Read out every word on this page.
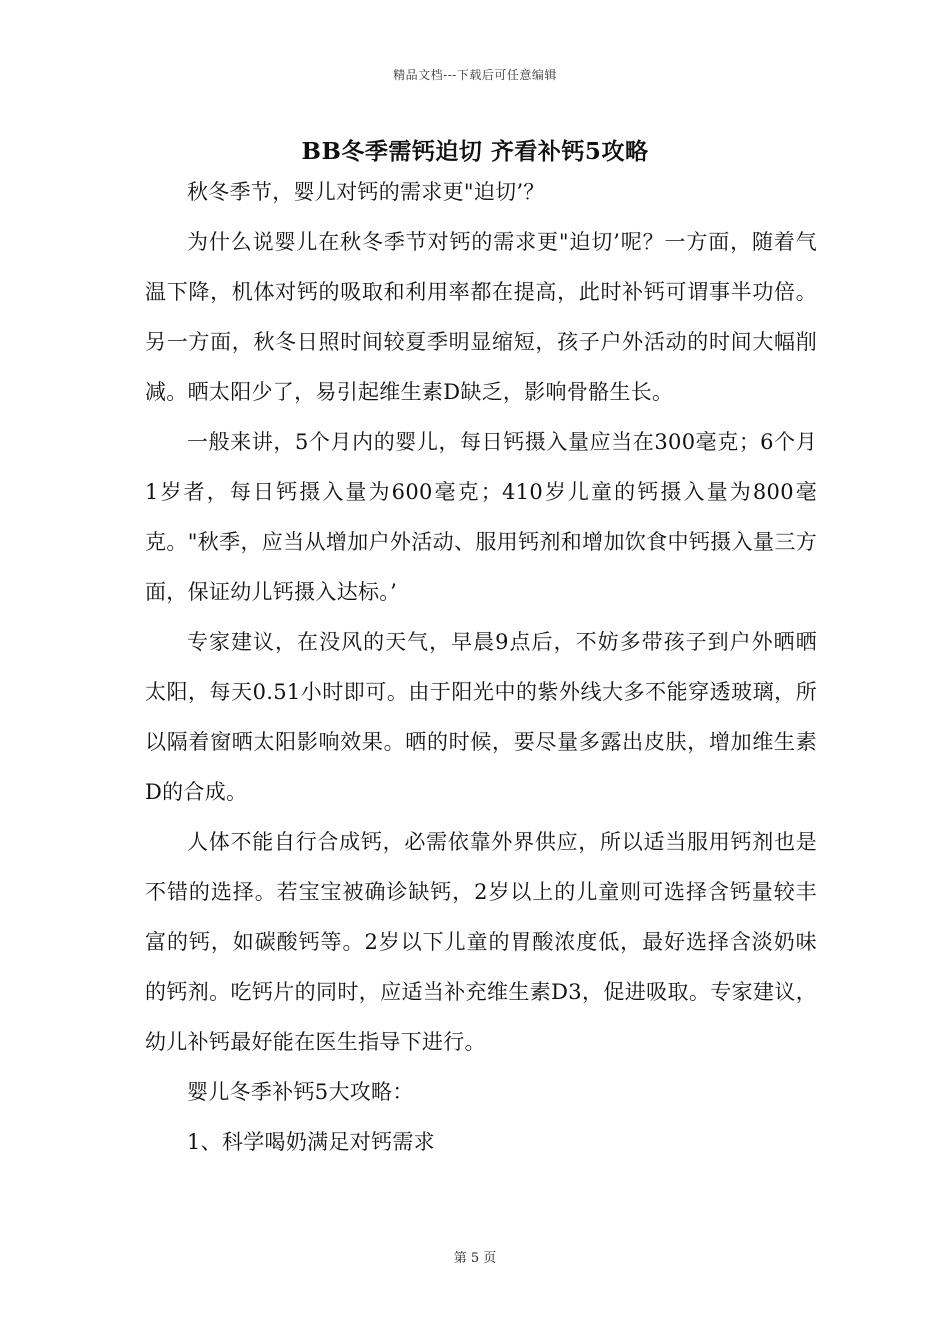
精品文档---下载后可任意编辑
BB冬季需钙迫切 齐看补钙5攻略

秋冬季节，婴儿对钙的需求更"迫切’？

为什么说婴儿在秋冬季节对钙的需求更"迫切’呢？一方面，随着气温下降，机体对钙的吸取和利用率都在提高，此时补钙可谓事半功倍。另一方面，秋冬日照时间较夏季明显缩短，孩子户外活动的时间大幅削减。晒太阳少了，易引起维生素D缺乏，影响骨骼生长。

一般来讲，5个月内的婴儿，每日钙摄入量应当在300毫克；6个月1岁者，每日钙摄入量为600毫克；410岁儿童的钙摄入量为800毫克。"秋季，应当从增加户外活动、服用钙剂和增加饮食中钙摄入量三方面，保证幼儿钙摄入达标。’

专家建议，在没风的天气，早晨9点后，不妨多带孩子到户外晒晒太阳，每天0.51小时即可。由于阳光中的紫外线大多不能穿透玻璃，所以隔着窗晒太阳影响效果。晒的时候，要尽量多露出皮肤，增加维生素D的合成。

人体不能自行合成钙，必需依靠外界供应，所以适当服用钙剂也是不错的选择。若宝宝被确诊缺钙，2岁以上的儿童则可选择含钙量较丰富的钙，如碳酸钙等。2岁以下儿童的胃酸浓度低，最好选择含淡奶味的钙剂。吃钙片的同时，应适当补充维生素D3，促进吸取。专家建议，幼儿补钙最好能在医生指导下进行。

婴儿冬季补钙5大攻略：

1、科学喝奶满足对钙需求

第 5 页
